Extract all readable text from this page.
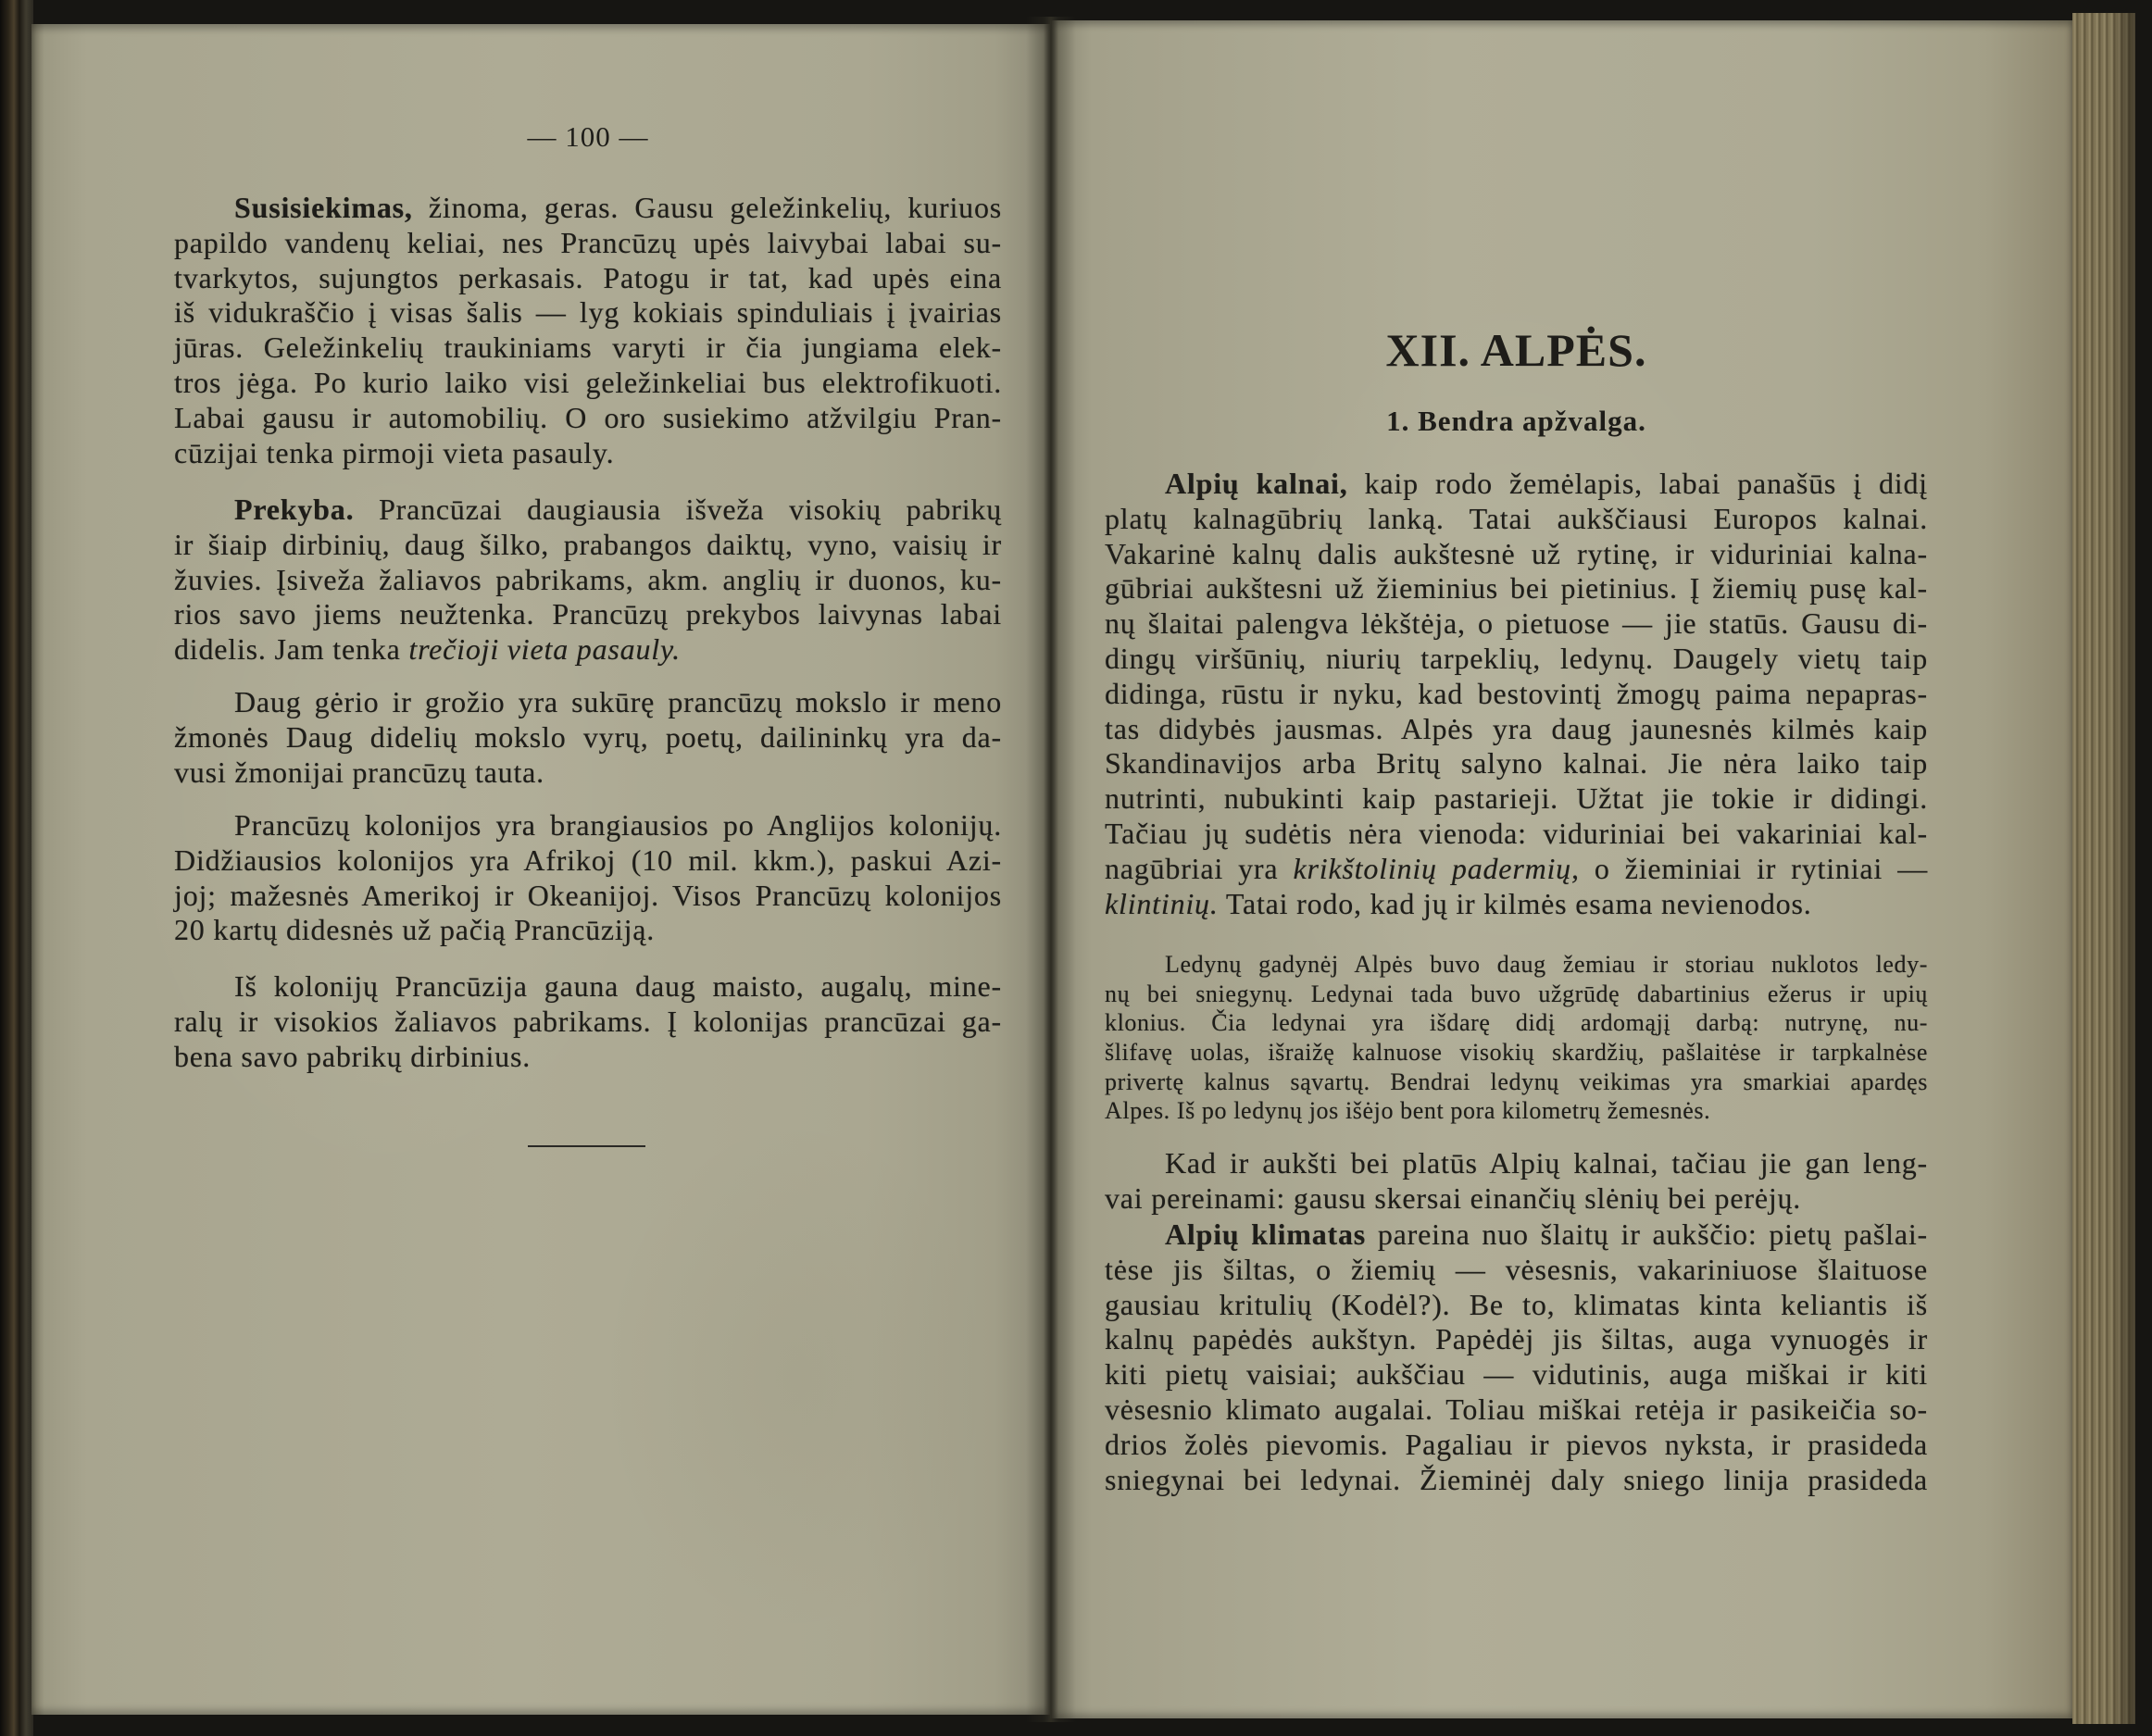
— 100 —
Susisiekimas, žinoma, geras. Gausu geležinkelių, kuriuos
papildo vandenų keliai, nes Prancūzų upės laivybai labai su-
tvarkytos, sujungtos perkasais. Patogu ir tat, kad upės eina
iš vidukraščio į visas šalis — lyg kokiais spinduliais į įvairias
jūras. Geležinkelių traukiniams varyti ir čia jungiama elek-
tros jėga. Po kurio laiko visi geležinkeliai bus elektrofikuoti.
Labai gausu ir automobilių. O oro susiekimo atžvilgiu Pran-
cūzijai tenka pirmoji vieta pasauly.
Prekyba. Prancūzai daugiausia išveža visokių pabrikų
ir šiaip dirbinių, daug šilko, prabangos daiktų, vyno, vaisių ir
žuvies. Įsiveža žaliavos pabrikams, akm. anglių ir duonos, ku-
rios savo jiems neužtenka. Prancūzų prekybos laivynas labai
didelis. Jam tenka trečioji vieta pasauly.
Daug gėrio ir grožio yra sukūrę prancūzų mokslo ir meno
žmonės Daug didelių mokslo vyrų, poetų, dailininkų yra da-
vusi žmonijai prancūzų tauta.
Prancūzų kolonijos yra brangiausios po Anglijos kolonijų.
Didžiausios kolonijos yra Afrikoj (10 mil. kkm.), paskui Azi-
joj; mažesnės Amerikoj ir Okeanijoj. Visos Prancūzų kolonijos
20 kartų didesnės už pačią Prancūziją.
Iš kolonijų Prancūzija gauna daug maisto, augalų, mine-
ralų ir visokios žaliavos pabrikams. Į kolonijas prancūzai ga-
bena savo pabrikų dirbinius.
XII. ALPĖS.
1. Bendra apžvalga.
Alpių kalnai, kaip rodo žemėlapis, labai panašūs į didį
platų kalnagūbrių lanką. Tatai aukščiausi Europos kalnai.
Vakarinė kalnų dalis aukštesnė už rytinę, ir viduriniai kalna-
gūbriai aukštesni už žieminius bei pietinius. Į žiemių pusę kal-
nų šlaitai palengva lėkštėja, o pietuose — jie statūs. Gausu di-
dingų viršūnių, niurių tarpeklių, ledynų. Daugely vietų taip
didinga, rūstu ir nyku, kad bestovintį žmogų paima nepapras-
tas didybės jausmas. Alpės yra daug jaunesnės kilmės kaip
Skandinavijos arba Britų salyno kalnai. Jie nėra laiko taip
nutrinti, nubukinti kaip pastarieji. Užtat jie tokie ir didingi.
Tačiau jų sudėtis nėra vienoda: viduriniai bei vakariniai kal-
nagūbriai yra krikštolinių padermių, o žieminiai ir rytiniai —
klintinių. Tatai rodo, kad jų ir kilmės esama nevienodos.
Ledynų gadynėj Alpės buvo daug žemiau ir storiau nuklotos ledy-
nų bei sniegynų. Ledynai tada buvo užgrūdę dabartinius ežerus ir upių
klonius. Čia ledynai yra išdarę didį ardomąjį darbą: nutrynę, nu-
šlifavę uolas, išraižę kalnuose visokių skardžių, pašlaitėse ir tarpkalnėse
privertę kalnus sąvartų. Bendrai ledynų veikimas yra smarkiai apardęs
Alpes. Iš po ledynų jos išėjo bent pora kilometrų žemesnės.
Kad ir aukšti bei platūs Alpių kalnai, tačiau jie gan leng-
vai pereinami: gausu skersai einančių slėnių bei perėjų.
Alpių klimatas pareina nuo šlaitų ir aukščio: pietų pašlai-
tėse jis šiltas, o žiemių — vėsesnis, vakariniuose šlaituose
gausiau kritulių (Kodėl?). Be to, klimatas kinta keliantis iš
kalnų papėdės aukštyn. Papėdėj jis šiltas, auga vynuogės ir
kiti pietų vaisiai; aukščiau — vidutinis, auga miškai ir kiti
vėsesnio klimato augalai. Toliau miškai retėja ir pasikeičia so-
drios žolės pievomis. Pagaliau ir pievos nyksta, ir prasideda
sniegynai bei ledynai. Žieminėj daly sniego linija prasideda
